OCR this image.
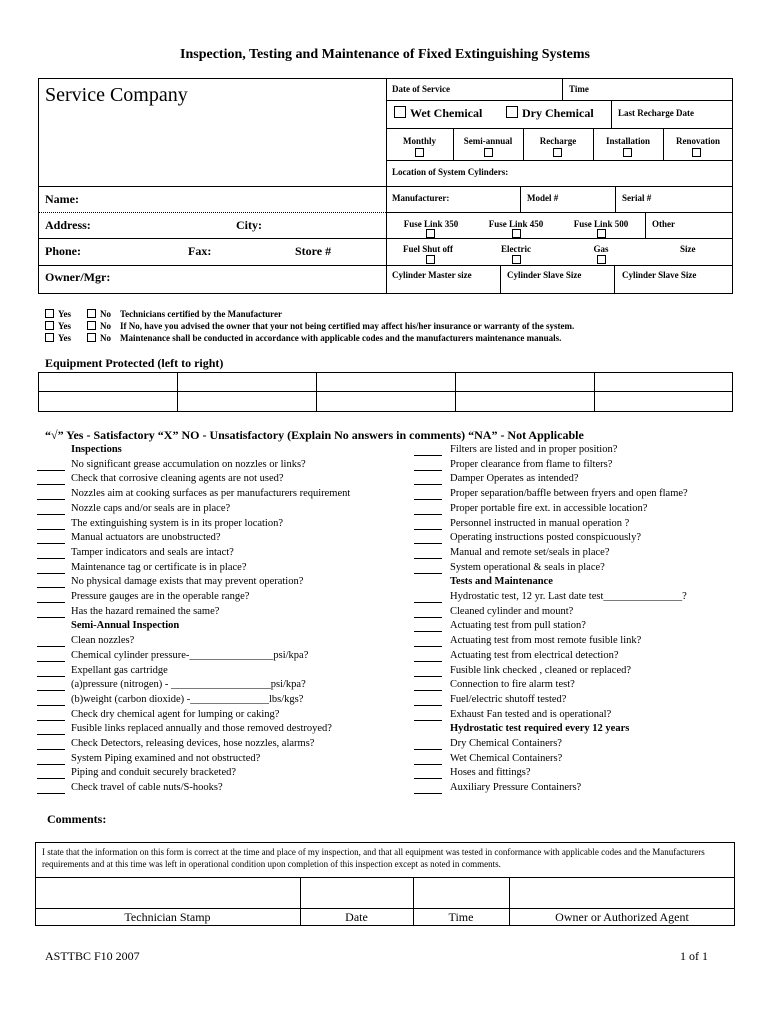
Inspection, Testing and Maintenance of Fixed Extinguishing Systems
Service Company	Date of Service	Time
Wet Chemical	Dry Chemical	Last Recharge Date
Monthly	Semi-annual	Recharge	Installation	Renovation
Location of System Cylinders:
Name:	Manufacturer:	Model #	Serial #
Address:	City:	Fuse Link 350	Fuse Link 450	Fuse Link 500	Other
Phone:	Fax:	Store #	Fuel Shut off	Electric	Gas	Size
Owner/Mgr:	Cylinder Master size	Cylinder Slave Size	Cylinder Slave Size
Yes	No Technicians certified by the Manufacturer
Yes	No If No, have you advised the owner that your not being certified may affect his/her insurance or warranty of the system.
Yes	No Maintenance shall be conducted in accordance with applicable codes and the manufacturers maintenance manuals.
Equipment Protected (left to right)
“√” Yes - Satisfactory “X” NO - Unsatisfactory (Explain No answers in comments) “NA” - Not Applicable
Inspections
No significant grease accumulation on nozzles or links?
Check that corrosive cleaning agents are not used?
Nozzles aim at cooking surfaces as per manufacturers requirement
Nozzle caps and/or seals are in place?
The extinguishing system is in its proper location?
Manual actuators are unobstructed?
Tamper indicators and seals are intact?
Maintenance tag or certificate is in place?
No physical damage exists that may prevent operation?
Pressure gauges are in the operable range?
Has the hazard remained the same?
Semi-Annual Inspection
Clean nozzles?
Chemical cylinder pressure-________________psi/kpa?
Expellant gas cartridge
(a)pressure (nitrogen) - ___________________psi/kpa?
(b)weight (carbon dioxide) -_______________lbs/kgs?
Check dry chemical agent for lumping or caking?
Fusible links replaced annually and those removed destroyed?
Check Detectors, releasing devices, hose nozzles, alarms?
System Piping examined and not obstructed?
Piping and conduit securely bracketed?
Check travel of cable nuts/S-hooks?
Filters are listed and in proper position?
Proper clearance from flame to filters?
Damper Operates as intended?
Proper separation/baffle between fryers and open flame?
Proper portable fire ext. in accessible location?
Personnel instructed in manual operation ?
Operating instructions posted conspicuously?
Manual and remote set/seals in place?
System operational & seals in place?
Tests and Maintenance
Hydrostatic test, 12 yr. Last date test_______________?
Cleaned cylinder and mount?
Actuating test from pull station?
Actuating test from most remote fusible link?
Actuating test from electrical detection?
Fusible link checked , cleaned or replaced?
Connection to fire alarm test?
Fuel/electric shutoff tested?
Exhaust Fan tested and is operational?
Hydrostatic test required every 12 years
Dry Chemical Containers?
Wet Chemical Containers?
Hoses and fittings?
Auxiliary Pressure Containers?
Comments:
I state that the information on this form is correct at the time and place of my inspection, and that all equipment was tested in conformance with applicable codes and the Manufacturers requirements and at this time was left in operational condition upon completion of this inspection except as noted in comments.
Technician Stamp	Date	Time	Owner or Authorized Agent
ASTTBC F10 2007	1 of 1
